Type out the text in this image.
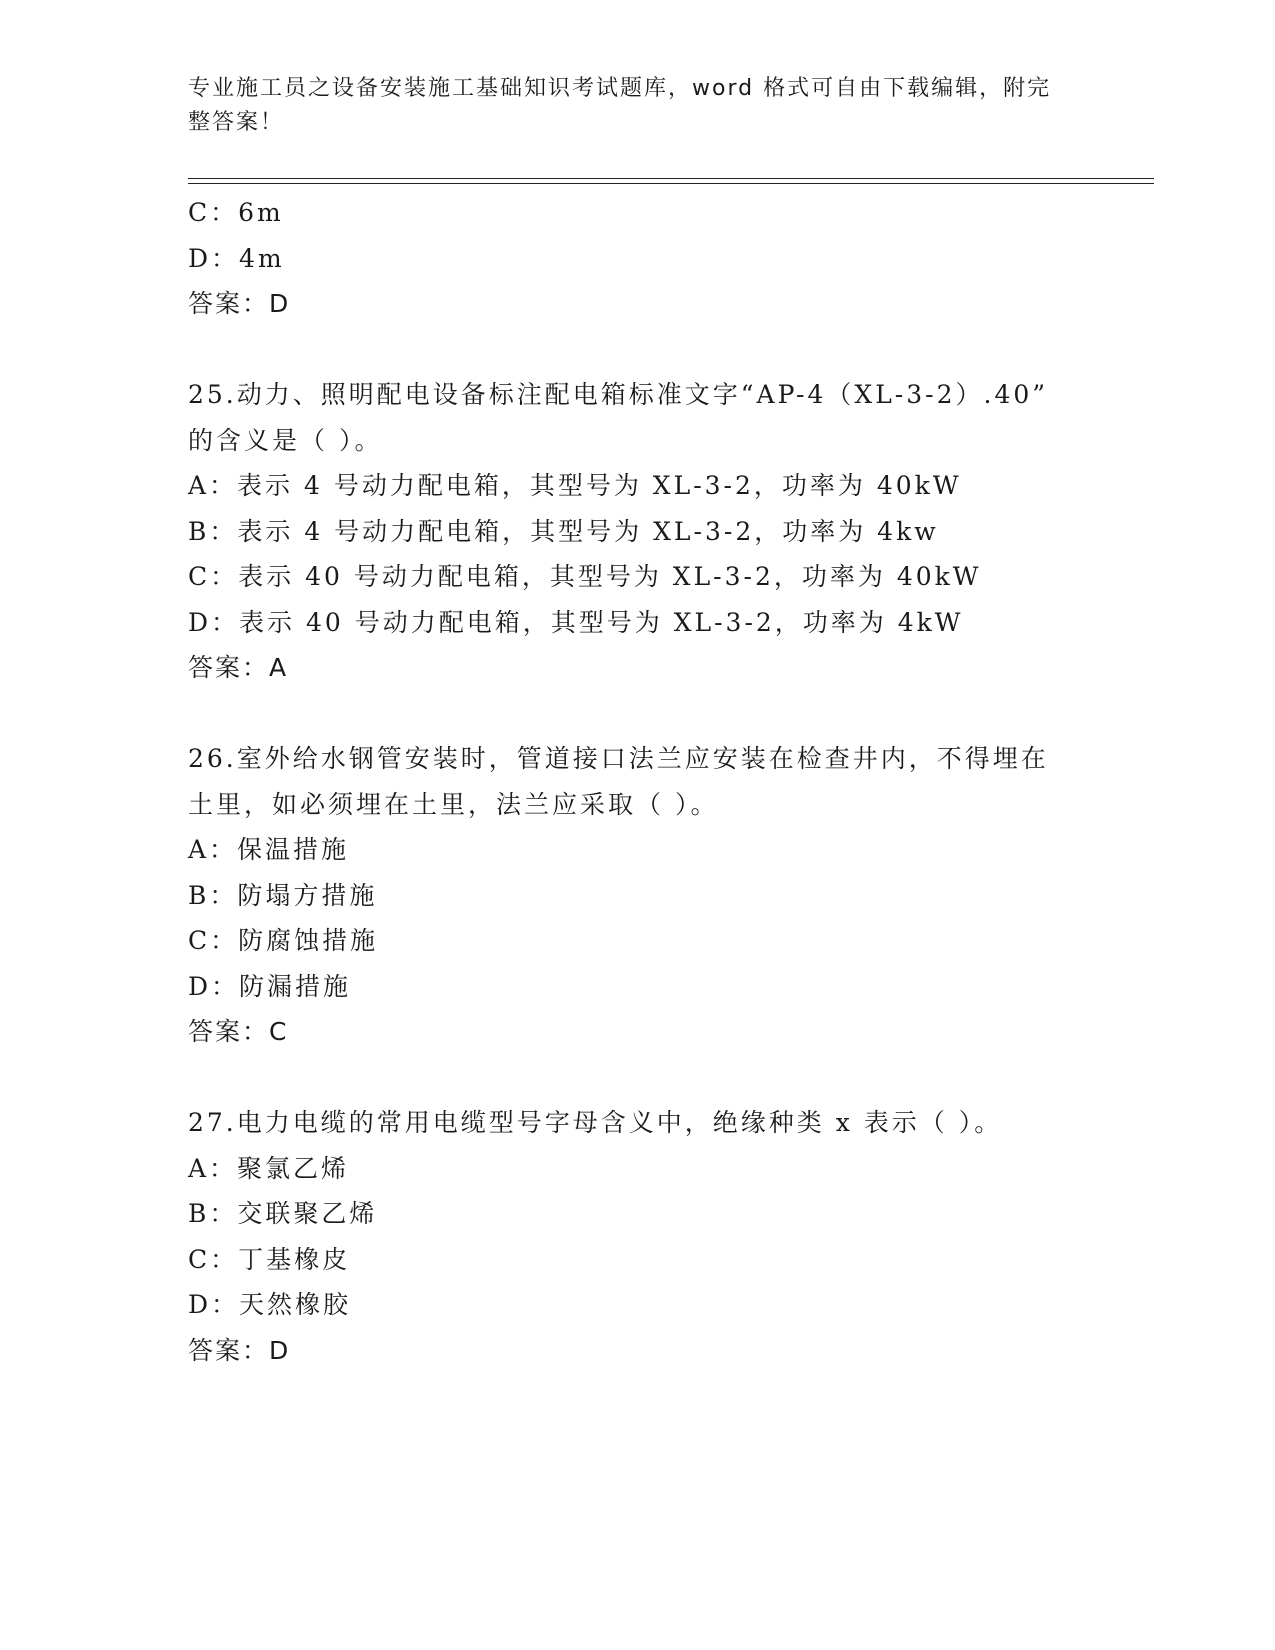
专业施工员之设备安装施工基础知识考试题库，word 格式可自由下载编辑，附完
整答案！
C：6m
D：4m
答案：D
25.动力、照明配电设备标注配电箱标准文字“AP-4（XL-3-2）.40”
的含义是（ ）。
A：表示 4 号动力配电箱，其型号为 XL-3-2，功率为 40kW
B：表示 4 号动力配电箱，其型号为 XL-3-2，功率为 4kw
C：表示 40 号动力配电箱，其型号为 XL-3-2，功率为 40kW
D：表示 40 号动力配电箱，其型号为 XL-3-2，功率为 4kW
答案：A
26.室外给水钢管安装时，管道接口法兰应安装在检查井内，不得埋在
土里，如必须埋在土里，法兰应采取（ ）。
A：保温措施
B：防塌方措施
C：防腐蚀措施
D：防漏措施
答案：C
27.电力电缆的常用电缆型号字母含义中，绝缘种类 x 表示（ ）。
A：聚氯乙烯
B：交联聚乙烯
C：丁基橡皮
D：天然橡胶
答案：D
